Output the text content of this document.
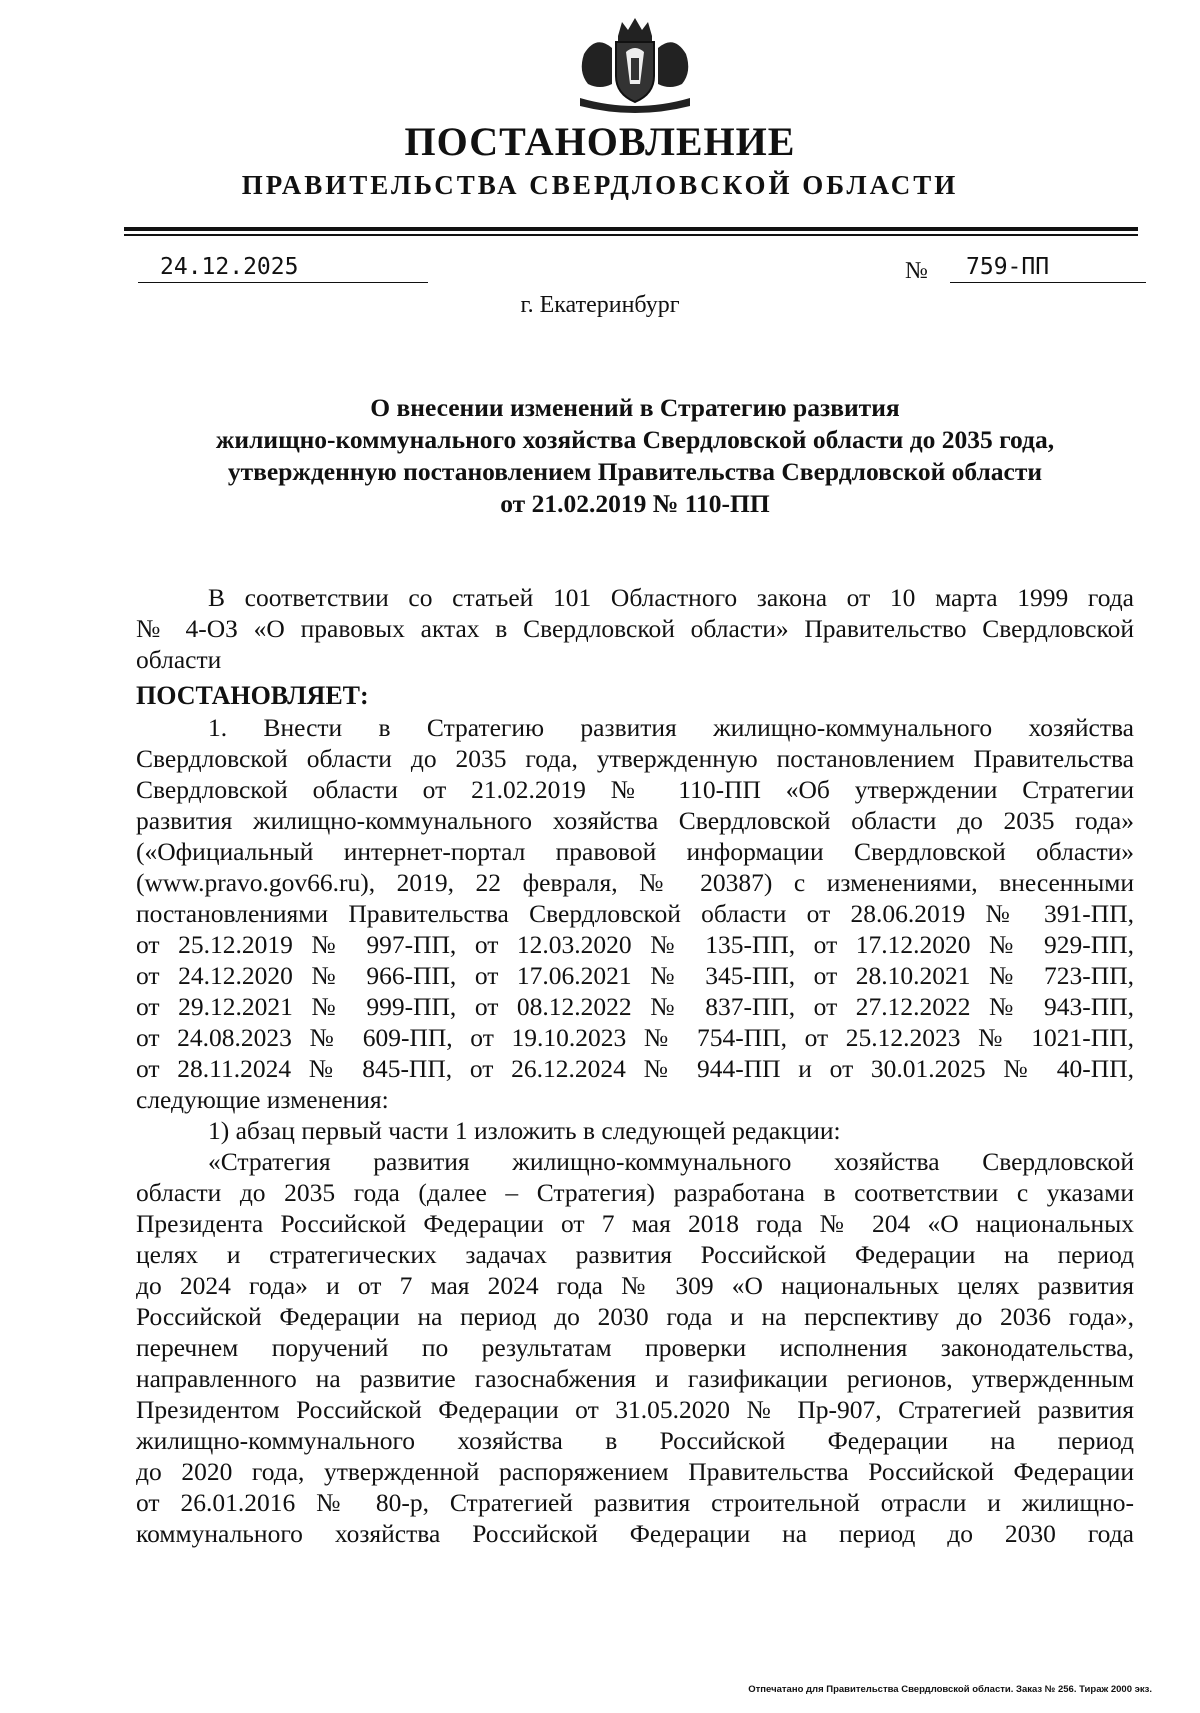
ПОСТАНОВЛЕНИЕ
ПРАВИТЕЛЬСТВА СВЕРДЛОВСКОЙ ОБЛАСТИ
24.12.2025	№	759-ПП
г. Екатеринбург
О внесении изменений в Стратегию развития
жилищно-коммунального хозяйства Свердловской области до 2035 года,
утвержденную постановлением Правительства Свердловской области
от 21.02.2019 № 110-ПП
В соответствии со статьей 101 Областного закона от 10 марта 1999 года
№ 4-ОЗ «О правовых актах в Свердловской области» Правительство Свердловской
области
ПОСТАНОВЛЯЕТ:
1. Внести в Стратегию развития жилищно-коммунального хозяйства
Свердловской области до 2035 года, утвержденную постановлением Правительства
Свердловской области от 21.02.2019 № 110-ПП «Об утверждении Стратегии
развития жилищно-коммунального хозяйства Свердловской области до 2035 года»
(«Официальный интернет-портал правовой информации Свердловской области»
(www.pravo.gov66.ru), 2019, 22 февраля, № 20387) с изменениями, внесенными
постановлениями Правительства Свердловской области от 28.06.2019 № 391-ПП,
от 25.12.2019 № 997-ПП, от 12.03.2020 № 135-ПП, от 17.12.2020 № 929-ПП,
от 24.12.2020 № 966-ПП, от 17.06.2021 № 345-ПП, от 28.10.2021 № 723-ПП,
от 29.12.2021 № 999-ПП, от 08.12.2022 № 837-ПП, от 27.12.2022 № 943-ПП,
от 24.08.2023 № 609-ПП, от 19.10.2023 № 754-ПП, от 25.12.2023 № 1021-ПП,
от 28.11.2024 № 845-ПП, от 26.12.2024 № 944-ПП и от 30.01.2025 № 40-ПП,
следующие изменения:
1) абзац первый части 1 изложить в следующей редакции:
«Стратегия развития жилищно-коммунального хозяйства Свердловской
области до 2035 года (далее – Стратегия) разработана в соответствии с указами
Президента Российской Федерации от 7 мая 2018 года № 204 «О национальных
целях и стратегических задачах развития Российской Федерации на период
до 2024 года» и от 7 мая 2024 года № 309 «О национальных целях развития
Российской Федерации на период до 2030 года и на перспективу до 2036 года»,
перечнем поручений по результатам проверки исполнения законодательства,
направленного на развитие газоснабжения и газификации регионов, утвержденным
Президентом Российской Федерации от 31.05.2020 № Пр-907, Стратегией развития
жилищно-коммунального хозяйства в Российской Федерации на период
до 2020 года, утвержденной распоряжением Правительства Российской Федерации
от 26.01.2016 № 80-р, Стратегией развития строительной отрасли и жилищно-
коммунального хозяйства Российской Федерации на период до 2030 года
Отпечатано для Правительства Свердловской области. Заказ № 256. Тираж 2000 экз.
